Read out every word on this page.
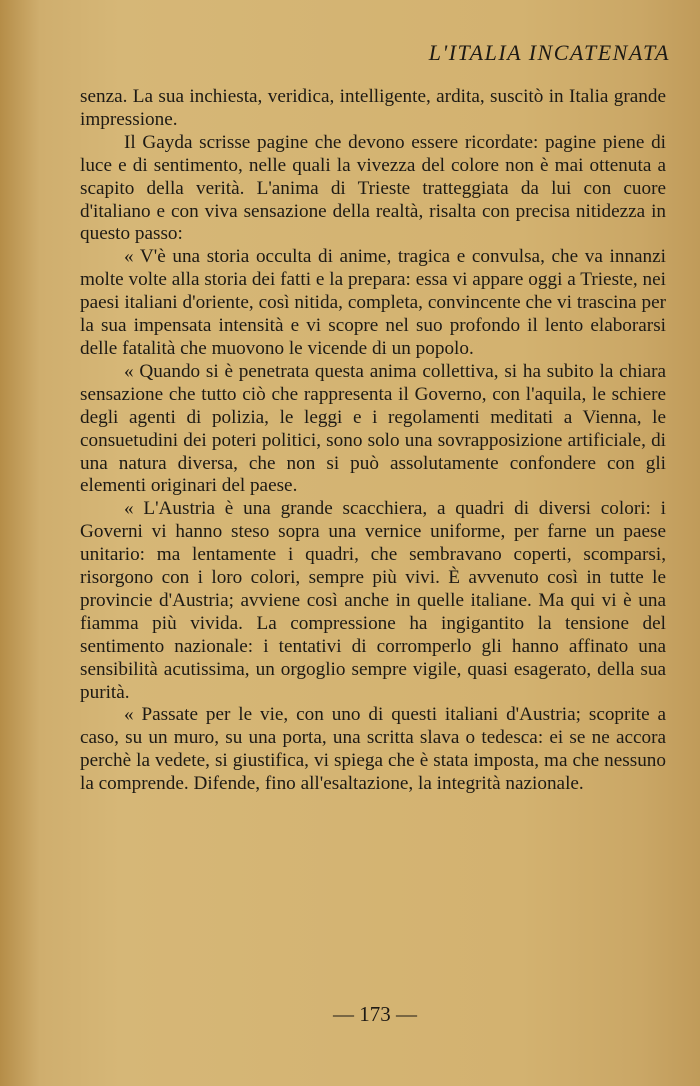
L'ITALIA INCATENATA

senza. La sua inchiesta, veridica, intelligente, ardita, suscitò in Italia grande impressione.

Il Gayda scrisse pagine che devono essere ricordate: pagine piene di luce e di sentimento, nelle quali la vivezza del colore non è mai ottenuta a scapito della verità. L'anima di Trieste tratteggiata da lui con cuore d'italiano e con viva sensazione della realtà, risalta con precisa nitidezza in questo passo:

« V'è una storia occulta di anime, tragica e convulsa, che va innanzi molte volte alla storia dei fatti e la prepara: essa vi appare oggi a Trieste, nei paesi italiani d'oriente, così nitida, completa, convincente che vi trascina per la sua impensata intensità e vi scopre nel suo profondo il lento elaborarsi delle fatalità che muovono le vicende di un popolo.

« Quando si è penetrata questa anima collettiva, si ha subito la chiara sensazione che tutto ciò che rappresenta il Governo, con l'aquila, le schiere degli agenti di polizia, le leggi e i regolamenti meditati a Vienna, le consuetudini dei poteri politici, sono solo una sovrapposizione artificiale, di una natura diversa, che non si può assolutamente confondere con gli elementi originari del paese.

« L'Austria è una grande scacchiera, a quadri di diversi colori: i Governi vi hanno steso sopra una vernice uniforme, per farne un paese unitario: ma lentamente i quadri, che sembravano coperti, scomparsi, risorgono con i loro colori, sempre più vivi. È avvenuto così in tutte le provincie d'Austria; avviene così anche in quelle italiane. Ma qui vi è una fiamma più vivida. La compressione ha ingigantito la tensione del sentimento nazionale: i tentativi di corromperlo gli hanno affinato una sensibilità acutissima, un orgoglio sempre vigile, quasi esagerato, della sua purità.

« Passate per le vie, con uno di questi italiani d'Austria; scoprite a caso, su un muro, su una porta, una scritta slava o tedesca: ei se ne accora perchè la vedete, si giustifica, vi spiega che è stata imposta, ma che nessuno la comprende. Difende, fino all'esaltazione, la integrità nazionale.

— 173 —
